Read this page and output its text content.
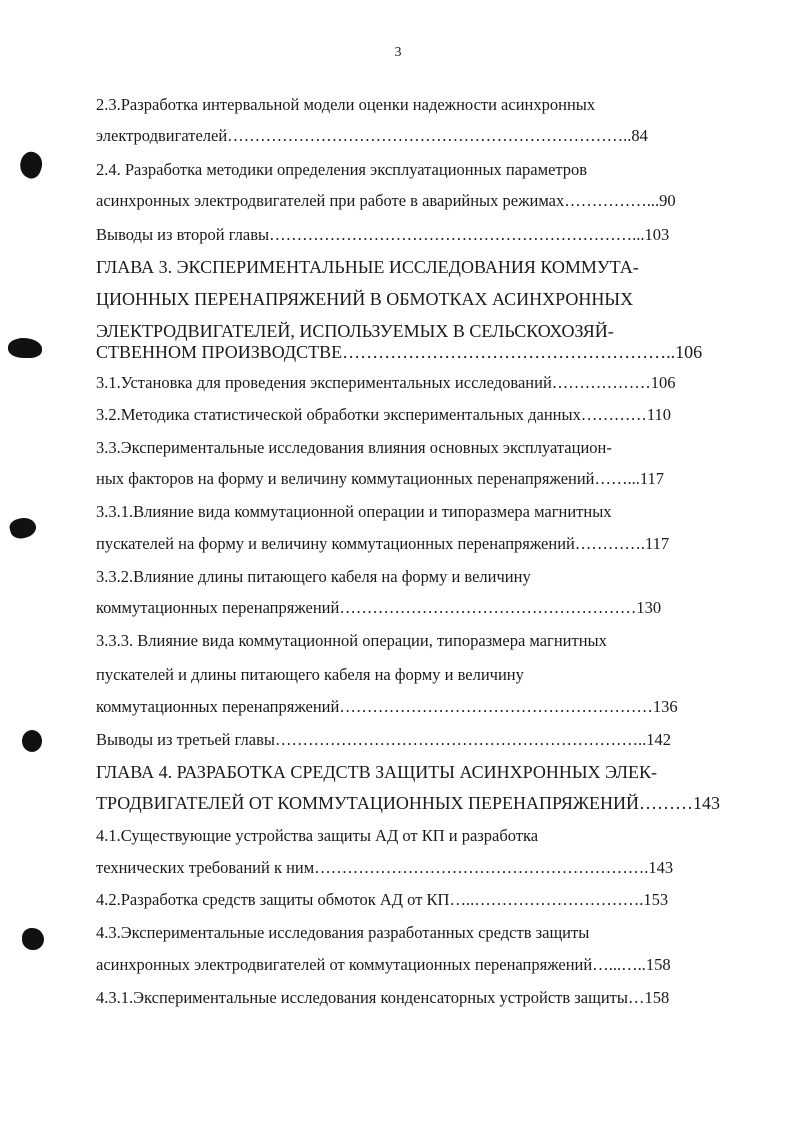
3
2.3.Разработка интервальной модели оценки надежности асинхронных
электродвигателей………………………………………………………………..84
2.4. Разработка методики определения эксплуатационных параметров
асинхронных электродвигателей при работе в аварийных режимах……………...90
Выводы из второй главы…………………………………………………………...103
ГЛАВА 3. ЭКСПЕРИМЕНТАЛЬНЫЕ ИССЛЕДОВАНИЯ КОММУТА-
ЦИОННЫХ ПЕРЕНАПРЯЖЕНИЙ В ОБМОТКАХ АСИНХРОННЫХ
ЭЛЕКТРОДВИГАТЕЛЕЙ, ИСПОЛЬЗУЕМЫХ В СЕЛЬСКОХОЗЯЙ-
СТВЕННОМ ПРОИЗВОДСТВЕ………………………………………………..106
3.1.Установка для проведения экспериментальных исследований………………106
3.2.Методика статистической обработки экспериментальных данных…………110
3.3.Экспериментальные исследования влияния основных эксплуатацион-
ных факторов на форму и величину коммутационных перенапряжений……...117
3.3.1.Влияние вида коммутационной операции и типоразмера магнитных
пускателей на форму и величину коммутационных перенапряжений………….117
3.3.2.Влияние длины питающего кабеля на форму и величину
коммутационных перенапряжений………………………………………………130
3.3.3. Влияние вида коммутационной операции, типоразмера магнитных
пускателей и длины питающего кабеля на форму и величину
коммутационных перенапряжений…………………………………………………136
Выводы из третьей главы…………………………………………………………..142
ГЛАВА 4. РАЗРАБОТКА СРЕДСТВ ЗАЩИТЫ АСИНХРОННЫХ ЭЛЕК-
ТРОДВИГАТЕЛЕЙ ОТ КОММУТАЦИОННЫХ ПЕРЕНАПРЯЖЕНИЙ………143
4.1.Существующие устройства защиты АД от КП и разработка
технических требований к ним…………………………………………………….143
4.2.Разработка средств защиты обмоток АД от КП…..………………………….153
4.3.Экспериментальные исследования разработанных средств защиты
асинхронных электродвигателей от коммутационных перенапряжений…...…..158
4.3.1.Экспериментальные исследования конденсаторных устройств защиты…158
